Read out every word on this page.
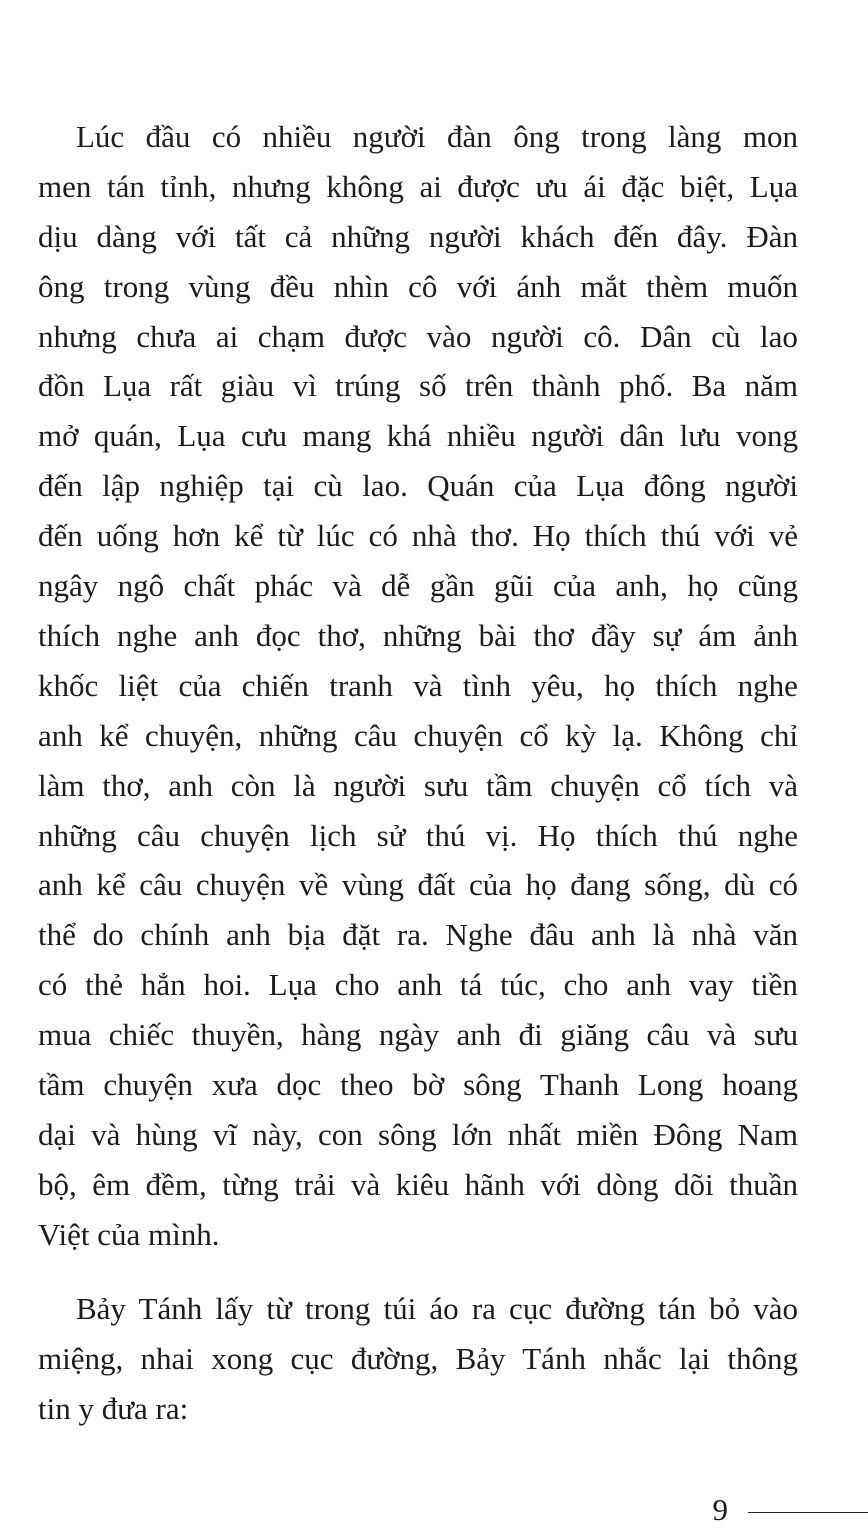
Lúc đầu có nhiều người đàn ông trong làng mon
men tán tỉnh, nhưng không ai được ưu ái đặc biệt, Lụa
dịu dàng với tất cả những người khách đến đây. Đàn
ông trong vùng đều nhìn cô với ánh mắt thèm muốn
nhưng chưa ai chạm được vào người cô. Dân cù lao
đồn Lụa rất giàu vì trúng số trên thành phố. Ba năm
mở quán, Lụa cưu mang khá nhiều người dân lưu vong
đến lập nghiệp tại cù lao. Quán của Lụa đông người
đến uống hơn kể từ lúc có nhà thơ. Họ thích thú với vẻ
ngây ngô chất phác và dễ gần gũi của anh, họ cũng
thích nghe anh đọc thơ, những bài thơ đầy sự ám ảnh
khốc liệt của chiến tranh và tình yêu, họ thích nghe
anh kể chuyện, những câu chuyện cổ kỳ lạ. Không chỉ
làm thơ, anh còn là người sưu tầm chuyện cổ tích và
những câu chuyện lịch sử thú vị. Họ thích thú nghe
anh kể câu chuyện về vùng đất của họ đang sống, dù có
thể do chính anh bịa đặt ra. Nghe đâu anh là nhà văn
có thẻ hẳn hoi. Lụa cho anh tá túc, cho anh vay tiền
mua chiếc thuyền, hàng ngày anh đi giăng câu và sưu
tầm chuyện xưa dọc theo bờ sông Thanh Long hoang
dại và hùng vĩ này, con sông lớn nhất miền Đông Nam
bộ, êm đềm, từng trải và kiêu hãnh với dòng dõi thuần
Việt của mình.
Bảy Tánh lấy từ trong túi áo ra cục đường tán bỏ vào
miệng, nhai xong cục đường, Bảy Tánh nhắc lại thông
tin y đưa ra:
9
